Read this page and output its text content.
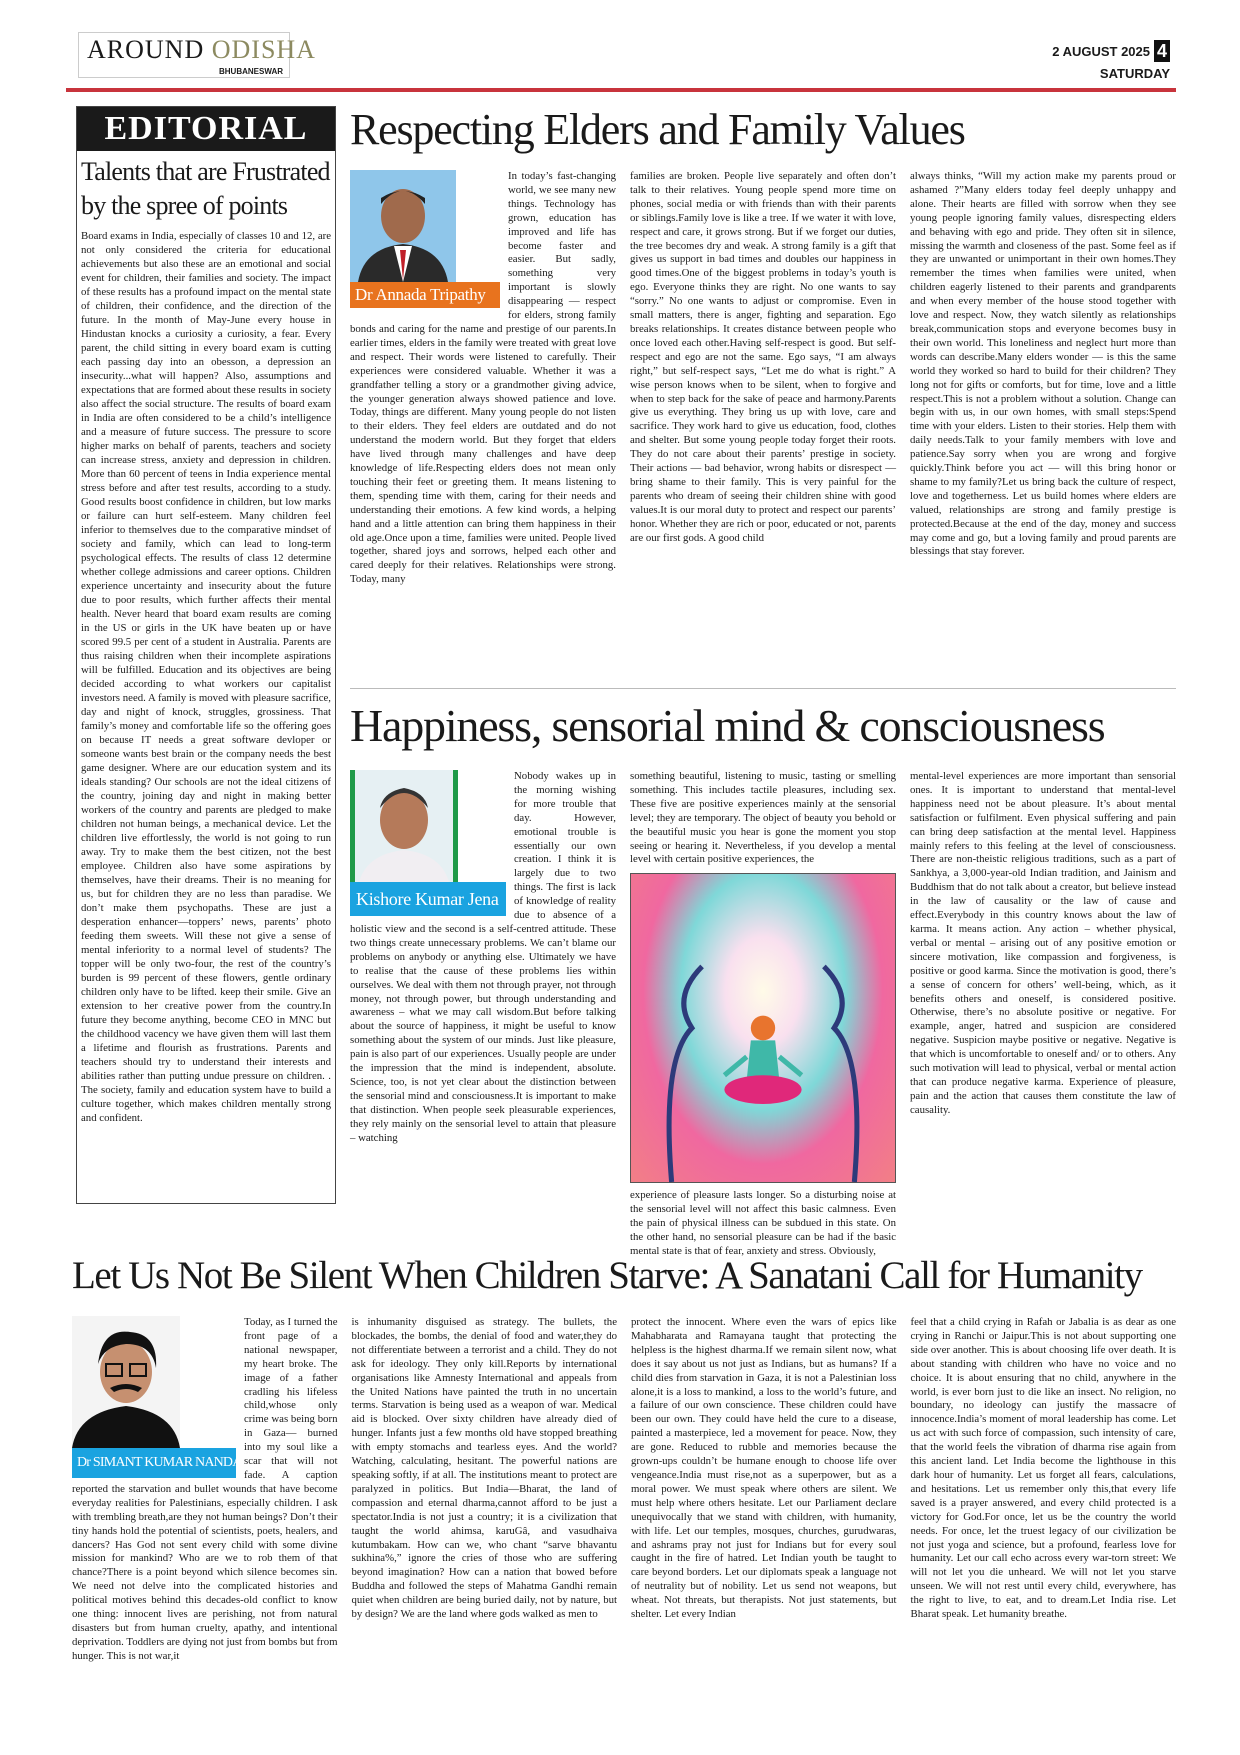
AROUND ODISHA
BHUBANESWAR
2 AUGUST 2025 4
SATURDAY
EDITORIAL
Talents that are Frustrated by the spree of points
Board exams in India, especially of classes 10 and 12, are not only considered the criteria for educational achievements but also these are an emotional and social event for children, their families and society. The impact of these results has a profound impact on the mental state of children, their confidence, and the direction of the future. In the month of May-June every house in Hindustan knocks a curiosity a curiosity, a fear. Every parent, the child sitting in every board exam is cutting each passing day into an obesson, a depression an insecurity...what will happen? Also, assumptions and expectations that are formed about these results in society also affect the social structure. The results of board exam in India are often considered to be a child’s intelligence and a measure of future success. The pressure to score higher marks on behalf of parents, teachers and society can increase stress, anxiety and depression in children. More than 60 percent of teens in India experience mental stress before and after test results, according to a study. Good results boost confidence in children, but low marks or failure can hurt self-esteem. Many children feel inferior to themselves due to the comparative mindset of society and family, which can lead to long-term psychological effects. The results of class 12 determine whether college admissions and career options. Children experience uncertainty and insecurity about the future due to poor results, which further affects their mental health. Never heard that board exam results are coming in the US or girls in the UK have beaten up or have scored 99.5 per cent of a student in Australia. Parents are thus raising children when their incomplete aspirations will be fulfilled. Education and its objectives are being decided according to what workers our capitalist investors need. A family is moved with pleasure sacrifice, day and night of knock, struggles, grossiness. That family’s money and comfortable life so the offering goes on because IT needs a great software devloper or someone wants best brain or the company needs the best game designer. Where are our education system and its ideals standing? Our schools are not the ideal citizens of the country, joining day and night in making better workers of the country and parents are pledged to make children not human beings, a mechanical device. Let the children live effortlessly, the world is not going to run away. Try to make them the best citizen, not the best employee. Children also have some aspirations by themselves, have their dreams. Their is no meaning for us, but for children they are no less than paradise. We don’t make them psychopaths. These are just a desperation enhancer—toppers’ news, parents’ photo feeding them sweets. Will these not give a sense of mental inferiority to a normal level of students? The topper will be only two-four, the rest of the country’s burden is 99 percent of these flowers, gentle ordinary children only have to be lifted. keep their smile. Give an extension to her creative power from the country.In future they become anything, become CEO in MNC but the childhood vacency we have given them will last them a lifetime and flourish as frustrations. Parents and teachers should try to understand their interests and abilities rather than putting undue pressure on children. . The society, family and education system have to build a culture together, which makes children mentally strong and confident.
Respecting Elders and Family Values
Dr Annada Tripathy
In today’s fast-changing world, we see many new things. Technology has grown, education has improved and life has become faster and easier. But sadly, something very important is slowly disappearing — respect for elders, strong family bonds and caring for the name and prestige of our parents.In earlier times, elders in the family were treated with great love and respect. Their words were listened to carefully. Their experiences were considered valuable. Whether it was a grandfather telling a story or a grandmother giving advice, the younger generation always showed patience and love. Today, things are different. Many young people do not listen to their elders. They feel elders are outdated and do not understand the modern world. But they forget that elders have lived through many challenges and have deep knowledge of life.Respecting elders does not mean only touching their feet or greeting them. It means listening to them, spending time with them, caring for their needs and understanding their emotions. A few kind words, a helping hand and a little attention can bring them happiness in their old age.Once upon a time, families were united. People lived together, shared joys and sorrows, helped each other and cared deeply for their relatives. Relationships were strong. Today, many
families are broken. People live separately and often don’t talk to their relatives. Young people spend more time on phones, social media or with friends than with their parents or siblings.Family love is like a tree. If we water it with love, respect and care, it grows strong. But if we forget our duties, the tree becomes dry and weak. A strong family is a gift that gives us support in bad times and doubles our happiness in good times.One of the biggest problems in today’s youth is ego. Everyone thinks they are right. No one wants to say “sorry.” No one wants to adjust or compromise. Even in small matters, there is anger, fighting and separation. Ego breaks relationships. It creates distance between people who once loved each other.Having self-respect is good. But self-respect and ego are not the same. Ego says, “I am always right,” but self-respect says, “Let me do what is right.” A wise person knows when to be silent, when to forgive and when to step back for the sake of peace and harmony.Parents give us everything. They bring us up with love, care and sacrifice. They work hard to give us education, food, clothes and shelter. But some young people today forget their roots. They do not care about their parents’ prestige in society. Their actions — bad behavior, wrong habits or disrespect — bring shame to their family. This is very painful for the parents who dream of seeing their children shine with good values.It is our moral duty to protect and respect our parents’ honor. Whether they are rich or poor, educated or not, parents are our first gods. A good child
always thinks, “Will my action make my parents proud or ashamed ?”Many elders today feel deeply unhappy and alone. Their hearts are filled with sorrow when they see young people ignoring family values, disrespecting elders and behaving with ego and pride. They often sit in silence, missing the warmth and closeness of the past. Some feel as if they are unwanted or unimportant in their own homes.They remember the times when families were united, when children eagerly listened to their parents and grandparents and when every member of the house stood together with love and respect. Now, they watch silently as relationships break,communication stops and everyone becomes busy in their own world. This loneliness and neglect hurt more than words can describe.Many elders wonder — is this the same world they worked so hard to build for their children? They long not for gifts or comforts, but for time, love and a little respect.This is not a problem without a solution. Change can begin with us, in our own homes, with small steps:Spend time with your elders. Listen to their stories. Help them with daily needs.Talk to your family members with love and patience.Say sorry when you are wrong and forgive quickly.Think before you act — will this bring honor or shame to my family?Let us bring back the culture of respect, love and togetherness. Let us build homes where elders are valued, relationships are strong and family prestige is protected.Because at the end of the day, money and success may come and go, but a loving family and proud parents are blessings that stay forever.
Happiness, sensorial mind & consciousness
Kishore Kumar Jena
Nobody wakes up in the morning wishing for more trouble that day. However, emotional trouble is essentially our own creation. I think it is largely due to two things. The first is lack of knowledge of reality due to absence of a holistic view and the second is a self-centred attitude. These two things create unnecessary problems. We can’t blame our problems on anybody or anything else. Ultimately we have to realise that the cause of these problems lies within ourselves. We deal with them not through prayer, not through money, not through power, but through understanding and awareness – what we may call wisdom.But before talking about the source of happiness, it might be useful to know something about the system of our minds. Just like pleasure, pain is also part of our experiences. Usually people are under the impression that the mind is independent, absolute. Science, too, is not yet clear about the distinction between the sensorial mind and consciousness.It is important to make that distinction. When people seek pleasurable experiences, they rely mainly on the sensorial level to attain that pleasure – watching
something beautiful, listening to music, tasting or smelling something. This includes tactile pleasures, including sex. These five are positive experiences mainly at the sensorial level; they are temporary. The object of beauty you behold or the beautiful music you hear is gone the moment you stop seeing or hearing it. Nevertheless, if you develop a mental level with certain positive experiences, the
experience of pleasure lasts longer. So a disturbing noise at the sensorial level will not affect this basic calmness. Even the pain of physical illness can be subdued in this state. On the other hand, no sensorial pleasure can be had if the basic mental state is that of fear, anxiety and stress. Obviously,
mental-level experiences are more important than sensorial ones. It is important to understand that mental-level happiness need not be about pleasure. It’s about mental satisfaction or fulfilment. Even physical suffering and pain can bring deep satisfaction at the mental level. Happiness mainly refers to this feeling at the level of consciousness. There are non-theistic religious traditions, such as a part of Sankhya, a 3,000-year-old Indian tradition, and Jainism and Buddhism that do not talk about a creator, but believe instead in the law of causality or the law of cause and effect.Everybody in this country knows about the law of karma. It means action. Any action – whether physical, verbal or mental – arising out of any positive emotion or sincere motivation, like compassion and forgiveness, is positive or good karma. Since the motivation is good, there’s a sense of concern for others’ well-being, which, as it benefits others and oneself, is considered positive. Otherwise, there’s no absolute positive or negative. For example, anger, hatred and suspicion are considered negative. Suspicion maybe positive or negative. Negative is that which is uncomfortable to oneself and/ or to others. Any such motivation will lead to physical, verbal or mental action that can produce negative karma. Experience of pleasure, pain and the action that causes them constitute the law of causality.
Let Us Not Be Silent When Children Starve: A Sanatani Call for Humanity
Dr SIMANT KUMAR NANDA
Today, as I turned the front page of a national newspaper, my heart broke. The image of a father cradling his lifeless child,whose only crime was being born in Gaza— burned into my soul like a scar that will not fade. A caption reported the starvation and bullet wounds that have become everyday realities for Palestinians, especially children. I ask with trembling breath,are they not human beings? Don’t their tiny hands hold the potential of scientists, poets, healers, and dancers? Has God not sent every child with some divine mission for mankind? Who are we to rob them of that chance?There is a point beyond which silence becomes sin. We need not delve into the complicated histories and political motives behind this decades-old conflict to know one thing: innocent lives are perishing, not from natural disasters but from human cruelty, apathy, and intentional deprivation. Toddlers are dying not just from bombs but from hunger. This is not war,it
is inhumanity disguised as strategy. The bullets, the blockades, the bombs, the denial of food and water,they do not differentiate between a terrorist and a child. They do not ask for ideology. They only kill.Reports by international organisations like Amnesty International and appeals from the United Nations have painted the truth in no uncertain terms. Starvation is being used as a weapon of war. Medical aid is blocked. Over sixty children have already died of hunger. Infants just a few months old have stopped breathing with empty stomachs and tearless eyes. And the world? Watching, calculating, hesitant. The powerful nations are speaking softly, if at all. The institutions meant to protect are paralyzed in politics. But India—Bharat, the land of compassion and eternal dharma,cannot afford to be just a spectator.India is not just a country; it is a civilization that taught the world ahimsa, karuGâ, and vasudhaiva kutumbakam. How can we, who chant “sarve bhavantu sukhina%,” ignore the cries of those who are suffering beyond imagination? How can a nation that bowed before Buddha and followed the steps of Mahatma Gandhi remain quiet when children are being buried daily, not by nature, but by design? We are the land where gods walked as men to
protect the innocent. Where even the wars of epics like Mahabharata and Ramayana taught that protecting the helpless is the highest dharma.If we remain silent now, what does it say about us not just as Indians, but as humans? If a child dies from starvation in Gaza, it is not a Palestinian loss alone,it is a loss to mankind, a loss to the world’s future, and a failure of our own conscience. These children could have been our own. They could have held the cure to a disease, painted a masterpiece, led a movement for peace. Now, they are gone. Reduced to rubble and memories because the grown-ups couldn’t be humane enough to choose life over vengeance.India must rise,not as a superpower, but as a moral power. We must speak where others are silent. We must help where others hesitate. Let our Parliament declare unequivocally that we stand with children, with humanity, with life. Let our temples, mosques, churches, gurudwaras, and ashrams pray not just for Indians but for every soul caught in the fire of hatred. Let Indian youth be taught to care beyond borders. Let our diplomats speak a language not of neutrality but of nobility. Let us send not weapons, but wheat. Not threats, but therapists. Not just statements, but shelter. Let every Indian
feel that a child crying in Rafah or Jabalia is as dear as one crying in Ranchi or Jaipur.This is not about supporting one side over another. This is about choosing life over death. It is about standing with children who have no voice and no choice. It is about ensuring that no child, anywhere in the world, is ever born just to die like an insect. No religion, no boundary, no ideology can justify the massacre of innocence.India’s moment of moral leadership has come. Let us act with such force of compassion, such intensity of care, that the world feels the vibration of dharma rise again from this ancient land. Let India become the lighthouse in this dark hour of humanity. Let us forget all fears, calculations, and hesitations. Let us remember only this,that every life saved is a prayer answered, and every child protected is a victory for God.For once, let us be the country the world needs. For once, let the truest legacy of our civilization be not just yoga and science, but a profound, fearless love for humanity. Let our call echo across every war-torn street: We will not let you die unheard. We will not let you starve unseen. We will not rest until every child, everywhere, has the right to live, to eat, and to dream.Let India rise. Let Bharat speak. Let humanity breathe.
